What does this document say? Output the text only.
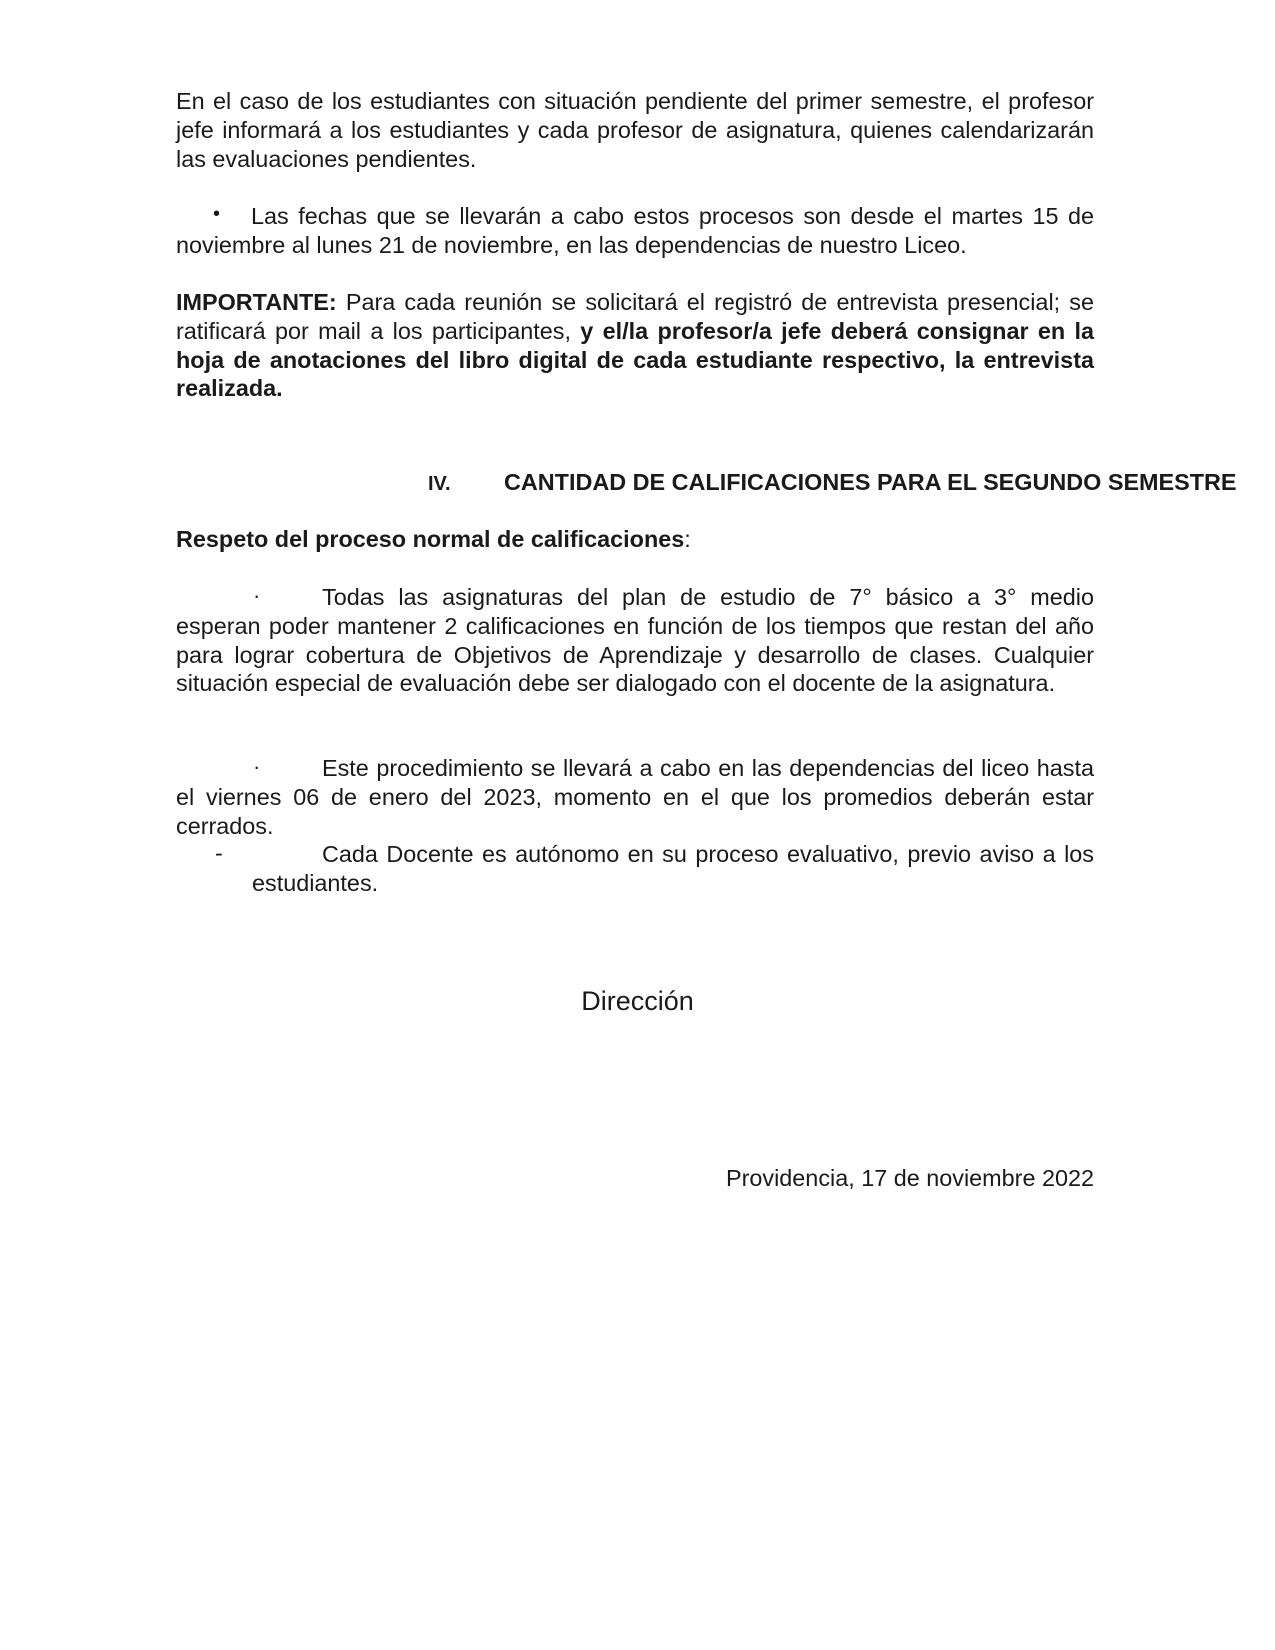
En el caso de los estudiantes con situación pendiente del primer semestre, el profesor jefe informará a los estudiantes y cada profesor de asignatura, quienes calendarizarán las evaluaciones pendientes.

•	Las fechas que se llevarán a cabo estos procesos son desde el martes 15 de noviembre al lunes 21 de noviembre, en las dependencias de nuestro Liceo.

IMPORTANTE: Para cada reunión se solicitará el registró de entrevista presencial; se ratificará por mail a los participantes, y el/la profesor/a jefe deberá consignar en la hoja de anotaciones del libro digital de cada estudiante respectivo, la entrevista realizada.

IV. CANTIDAD DE CALIFICACIONES PARA EL SEGUNDO SEMESTRE

Respeto del proceso normal de calificaciones:

·	Todas las asignaturas del plan de estudio de 7° básico a 3° medio esperan poder mantener 2 calificaciones en función de los tiempos que restan del año para lograr cobertura de Objetivos de Aprendizaje y desarrollo de clases. Cualquier situación especial de evaluación debe ser dialogado con el docente de la asignatura.

·	Este procedimiento se llevará a cabo en las dependencias del liceo hasta el viernes 06 de enero del 2023, momento en el que los promedios deberán estar cerrados.

-	Cada Docente es autónomo en su proceso evaluativo, previo aviso a los estudiantes.

Dirección
Providencia, 17 de noviembre 2022
